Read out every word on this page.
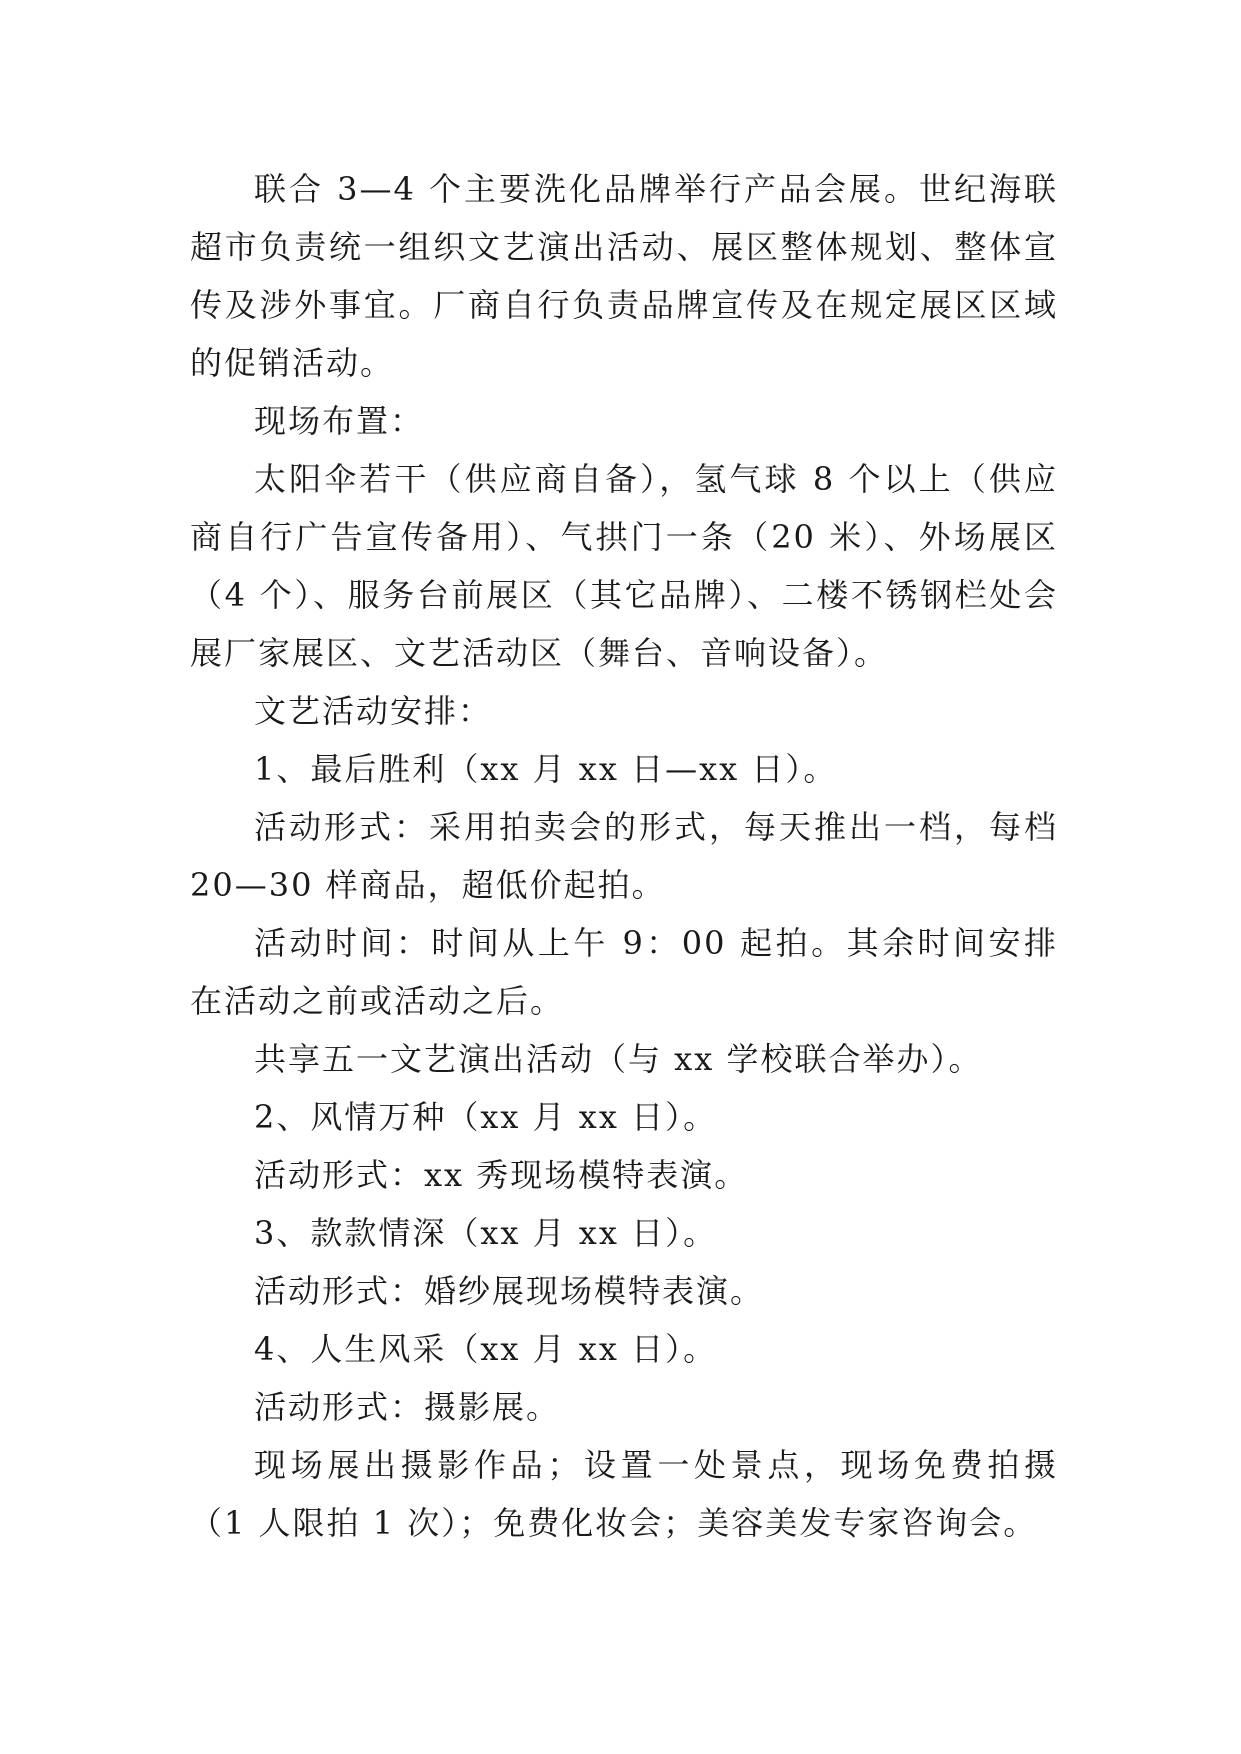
联合 3—4 个主要洗化品牌举行产品会展。世纪海联超市负责统一组织文艺演出活动、展区整体规划、整体宣传及涉外事宜。厂商自行负责品牌宣传及在规定展区区域的促销活动。

现场布置：

太阳伞若干（供应商自备），氢气球 8 个以上（供应商自行广告宣传备用）、气拱门一条（20 米）、外场展区（4 个）、服务台前展区（其它品牌）、二楼不锈钢栏处会展厂家展区、文艺活动区（舞台、音响设备）。

文艺活动安排：

1、最后胜利（xx 月 xx 日—xx 日）。

活动形式：采用拍卖会的形式，每天推出一档，每档 20—30 样商品，超低价起拍。

活动时间：时间从上午 9：00 起拍。其余时间安排在活动之前或活动之后。

共享五一文艺演出活动（与 xx 学校联合举办）。

2、风情万种（xx 月 xx 日）。

活动形式：xx 秀现场模特表演。

3、款款情深（xx 月 xx 日）。

活动形式：婚纱展现场模特表演。

4、人生风采（xx 月 xx 日）。

活动形式：摄影展。

现场展出摄影作品；设置一处景点，现场免费拍摄（1 人限拍 1 次）；免费化妆会；美容美发专家咨询会。
